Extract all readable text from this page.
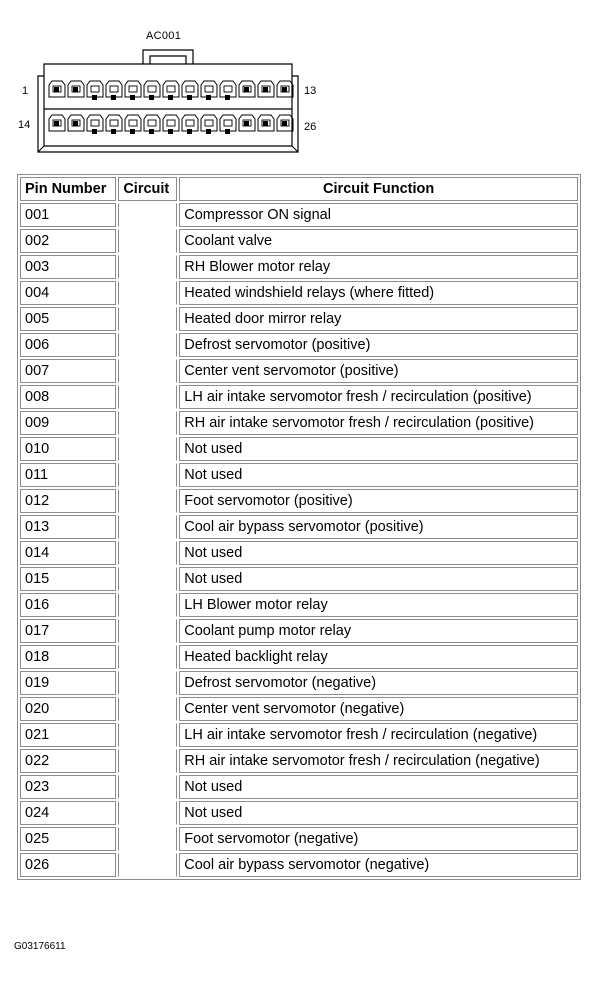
AC001
1	13
14	26
Pin Number	Circuit	Circuit Function
001		Compressor ON signal
002		Coolant valve
003		RH Blower motor relay
004		Heated windshield relays (where fitted)
005		Heated door mirror relay
006		Defrost servomotor (positive)
007		Center vent servomotor (positive)
008		LH air intake servomotor fresh / recirculation (positive)
009		RH air intake servomotor fresh / recirculation (positive)
010		Not used
011		Not used
012		Foot servomotor (positive)
013		Cool air bypass servomotor (positive)
014		Not used
015		Not used
016		LH Blower motor relay
017		Coolant pump motor relay
018		Heated backlight relay
019		Defrost servomotor (negative)
020		Center vent servomotor (negative)
021		LH air intake servomotor fresh / recirculation (negative)
022		RH air intake servomotor fresh / recirculation (negative)
023		Not used
024		Not used
025		Foot servomotor (negative)
026		Cool air bypass servomotor (negative)
G03176611
